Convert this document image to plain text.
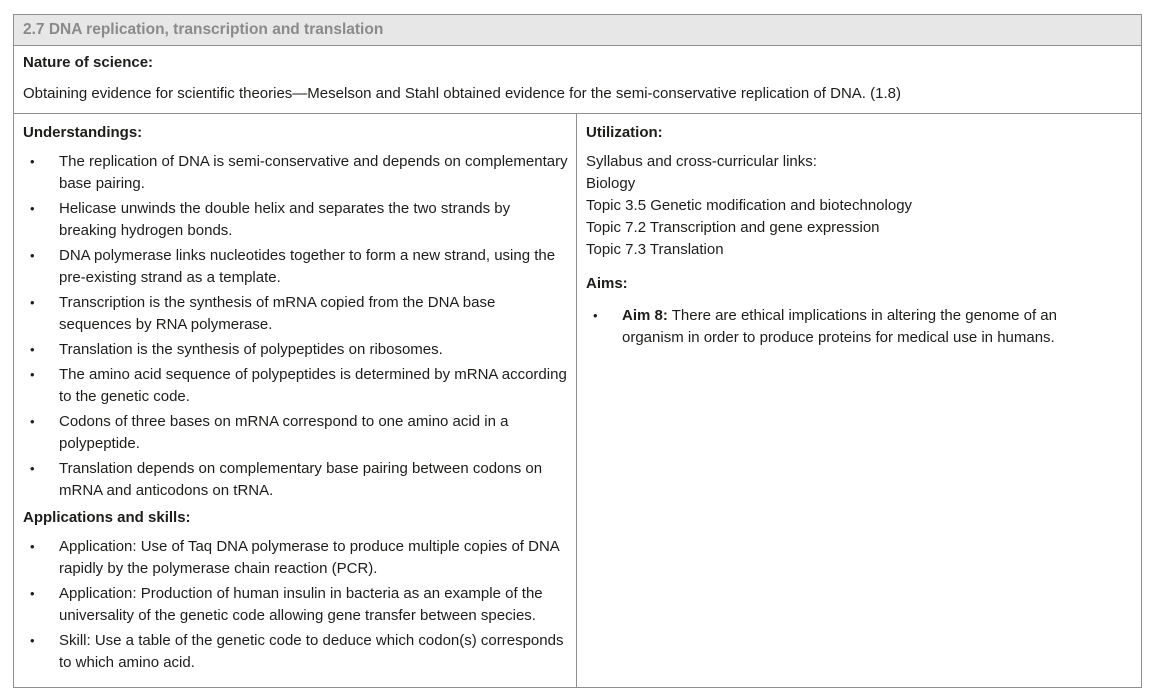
2.7 DNA replication, transcription and translation
Nature of science:
Obtaining evidence for scientific theories—Meselson and Stahl obtained evidence for the semi-conservative replication of DNA. (1.8)
Understandings:
•	The replication of DNA is semi-conservative and depends on complementary base pairing.
•	Helicase unwinds the double helix and separates the two strands by breaking hydrogen bonds.
•	DNA polymerase links nucleotides together to form a new strand, using the pre-existing strand as a template.
•	Transcription is the synthesis of mRNA copied from the DNA base sequences by RNA polymerase.
•	Translation is the synthesis of polypeptides on ribosomes.
•	The amino acid sequence of polypeptides is determined by mRNA according to the genetic code.
•	Codons of three bases on mRNA correspond to one amino acid in a polypeptide.
•	Translation depends on complementary base pairing between codons on mRNA and anticodons on tRNA.
Applications and skills:
•	Application: Use of Taq DNA polymerase to produce multiple copies of DNA rapidly by the polymerase chain reaction (PCR).
•	Application: Production of human insulin in bacteria as an example of the universality of the genetic code allowing gene transfer between species.
•	Skill: Use a table of the genetic code to deduce which codon(s) corresponds to which amino acid.
Utilization:
Syllabus and cross-curricular links:
Biology
Topic 3.5 Genetic modification and biotechnology
Topic 7.2 Transcription and gene expression
Topic 7.3 Translation
Aims:
•	Aim 8: There are ethical implications in altering the genome of an organism in order to produce proteins for medical use in humans.
